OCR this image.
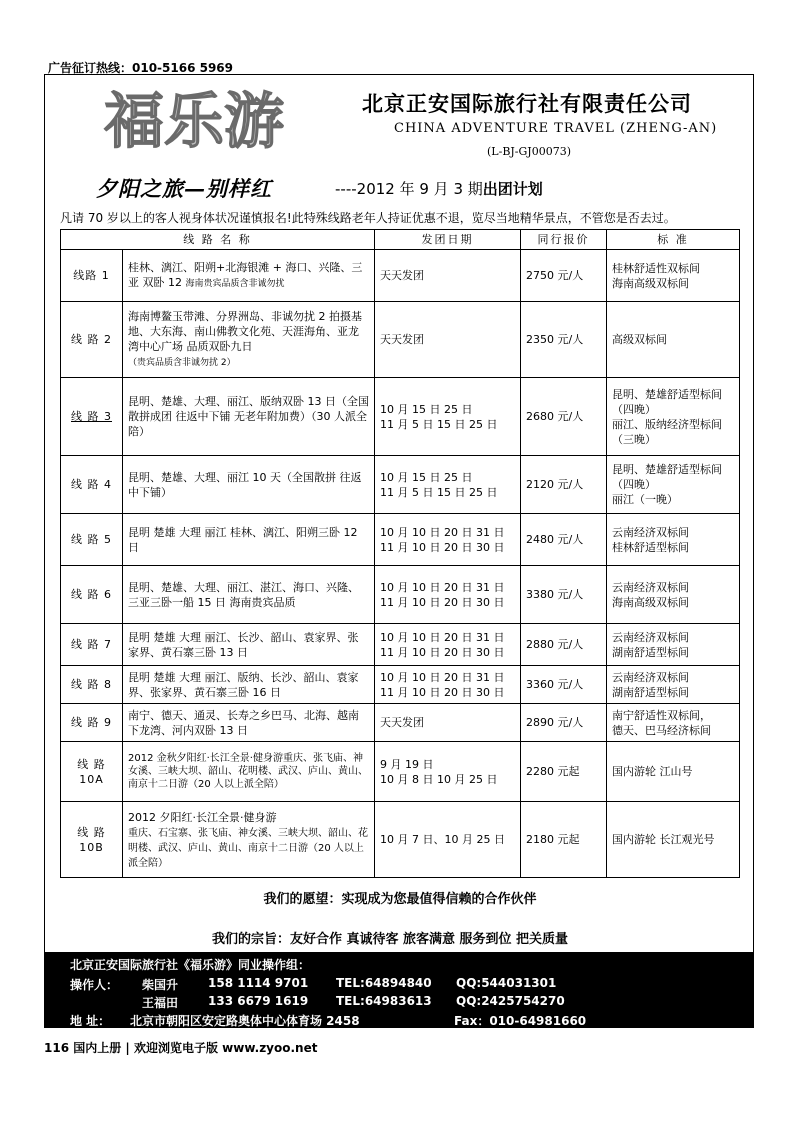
广告征订热线：010-5166 5969
福乐游	北京正安国际旅行社有限责任公司
CHINA ADVENTURE TRAVEL (ZHENG-AN)
(L-BJ-GJ00073)
夕阳之旅—别样红	----2012 年 9 月 3 期出团计划
凡请 70 岁以上的客人视身体状况谨慎报名!此特殊线路老年人持证优惠不退，览尽当地精华景点，不管您是否去过。
线 路 名 称		发团日期	同行报价	标 准
线路 1	桂林、漓江、阳朔+北海银滩 + 海口、兴隆、三亚 双卧 12 海南贵宾品质含非诚勿扰	天天发团	2750 元/人	桂林舒适性双标间
海南高级双标间
线 路 2	海南博鳌玉带滩、分界洲岛、非诚勿扰 2 拍摄基地、大东海、南山佛教文化苑、天涯海角、亚龙湾中心广场 品质双卧九日
（贵宾品质含非诚勿扰 2）	天天发团	2350 元/人	高级双标间
线 路 3	昆明、楚雄、大理、丽江、版纳双卧 13 日（全国散拼成团 往返中下铺 无老年附加费）（30 人派全陪）	10 月 15 日 25 日
11 月 5 日 15 日 25 日	2680 元/人	昆明、楚雄舒适型标间 （四晚）
丽江、版纳经济型标间 （三晚）
线 路 4	昆明、楚雄、大理、丽江 10 天（全国散拼 往返中下铺）	10 月 15 日 25 日
11 月 5 日 15 日 25 日	2120 元/人	昆明、楚雄舒适型标间 （四晚）
丽江（一晚）
线 路 5	昆明 楚雄 大理 丽江 桂林、漓江、阳朔三卧 12 日	10 月 10 日 20 日 31 日
11 月 10 日 20 日 30 日	2480 元/人	云南经济双标间
桂林舒适型标间
线 路 6	昆明、楚雄、大理、丽江、湛江、海口、兴隆、三亚三卧一船 15 日 海南贵宾品质	10 月 10 日 20 日 31 日
11 月 10 日 20 日 30 日	3380 元/人	云南经济双标间
海南高级双标间
线 路 7	昆明 楚雄 大理 丽江、长沙、韶山、袁家界、张家界、黄石寨三卧 13 日	10 月 10 日 20 日 31 日
11 月 10 日 20 日 30 日	2880 元/人	云南经济双标间
湖南舒适型标间
线 路 8	昆明 楚雄 大理 丽江、版纳、长沙、韶山、袁家界、张家界、黄石寨三卧 16 日	10 月 10 日 20 日 31 日
11 月 10 日 20 日 30 日	3360 元/人	云南经济双标间
湖南舒适型标间
线 路 9	南宁、德天、通灵、长寿之乡巴马、北海、越南下龙湾、河内双卧 13 日	天天发团	2890 元/人	南宁舒适性双标间，
德天、巴马经济标间
线 路
10A	2012 金秋夕阳红·长江全景·健身游重庆、张飞庙、神女溪、三峡大坝、韶山、花明楼、武汉、庐山、黄山、南京十二日游（20 人以上派全陪）	9 月 19 日
10 月 8 日 10 月 25 日	2280 元起	国内游轮 江山号
线 路
10B	2012 夕阳红·长江全景·健身游
重庆、石宝寨、张飞庙、神女溪、三峡大坝、韶山、花明楼、武汉、庐山、黄山、南京十二日游（20 人以上派全陪）	10 月 7 日、10 月 25 日	2180 元起	国内游轮 长江观光号
我们的愿望：实现成为您最值得信赖的合作伙伴
我们的宗旨：友好合作 真诚待客 旅客满意 服务到位 把关质量
北京正安国际旅行社《福乐游》同业操作组：
操作人： 柴国升 158 1114 9701 TEL:64894840 QQ:544031301
王福田 133 6679 1619 TEL:64983613 QQ:2425754270
地 址： 北京市朝阳区安定路奥体中心体育场 2458	Fax：010-64981660
116 国内上册 | 欢迎浏览电子版 www.zyoo.net
